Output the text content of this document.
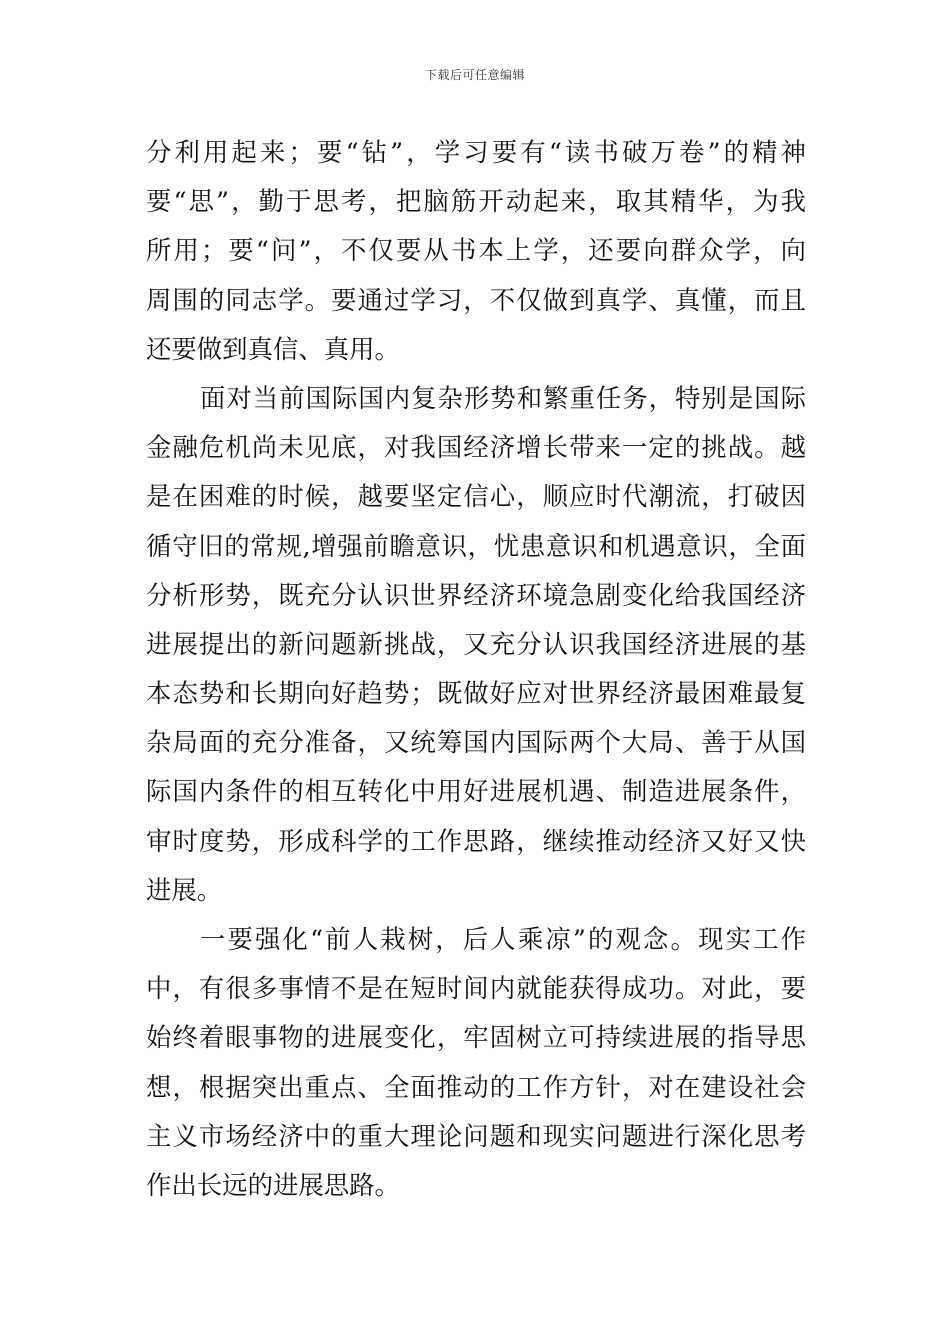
下载后可任意编辑
分利用起来；要“钻”，学习要有“读书破万卷”的精神
要“思”，勤于思考，把脑筋开动起来，取其精华，为我
所用；要“问”，不仅要从书本上学，还要向群众学，向
周围的同志学。要通过学习，不仅做到真学、真懂，而且
还要做到真信、真用。
面对当前国际国内复杂形势和繁重任务，特别是国际
金融危机尚未见底，对我国经济增长带来一定的挑战。越
是在困难的时候，越要坚定信心，顺应时代潮流，打破因
循守旧的常规,增强前瞻意识，忧患意识和机遇意识，全面
分析形势，既充分认识世界经济环境急剧变化给我国经济
进展提出的新问题新挑战，又充分认识我国经济进展的基
本态势和长期向好趋势；既做好应对世界经济最困难最复
杂局面的充分准备，又统筹国内国际两个大局、善于从国
际国内条件的相互转化中用好进展机遇、制造进展条件，
审时度势，形成科学的工作思路，继续推动经济又好又快
进展。
一要强化“前人栽树，后人乘凉”的观念。现实工作
中，有很多事情不是在短时间内就能获得成功。对此，要
始终着眼事物的进展变化，牢固树立可持续进展的指导思
想，根据突出重点、全面推动的工作方针，对在建设社会
主义市场经济中的重大理论问题和现实问题进行深化思考
作出长远的进展思路。
